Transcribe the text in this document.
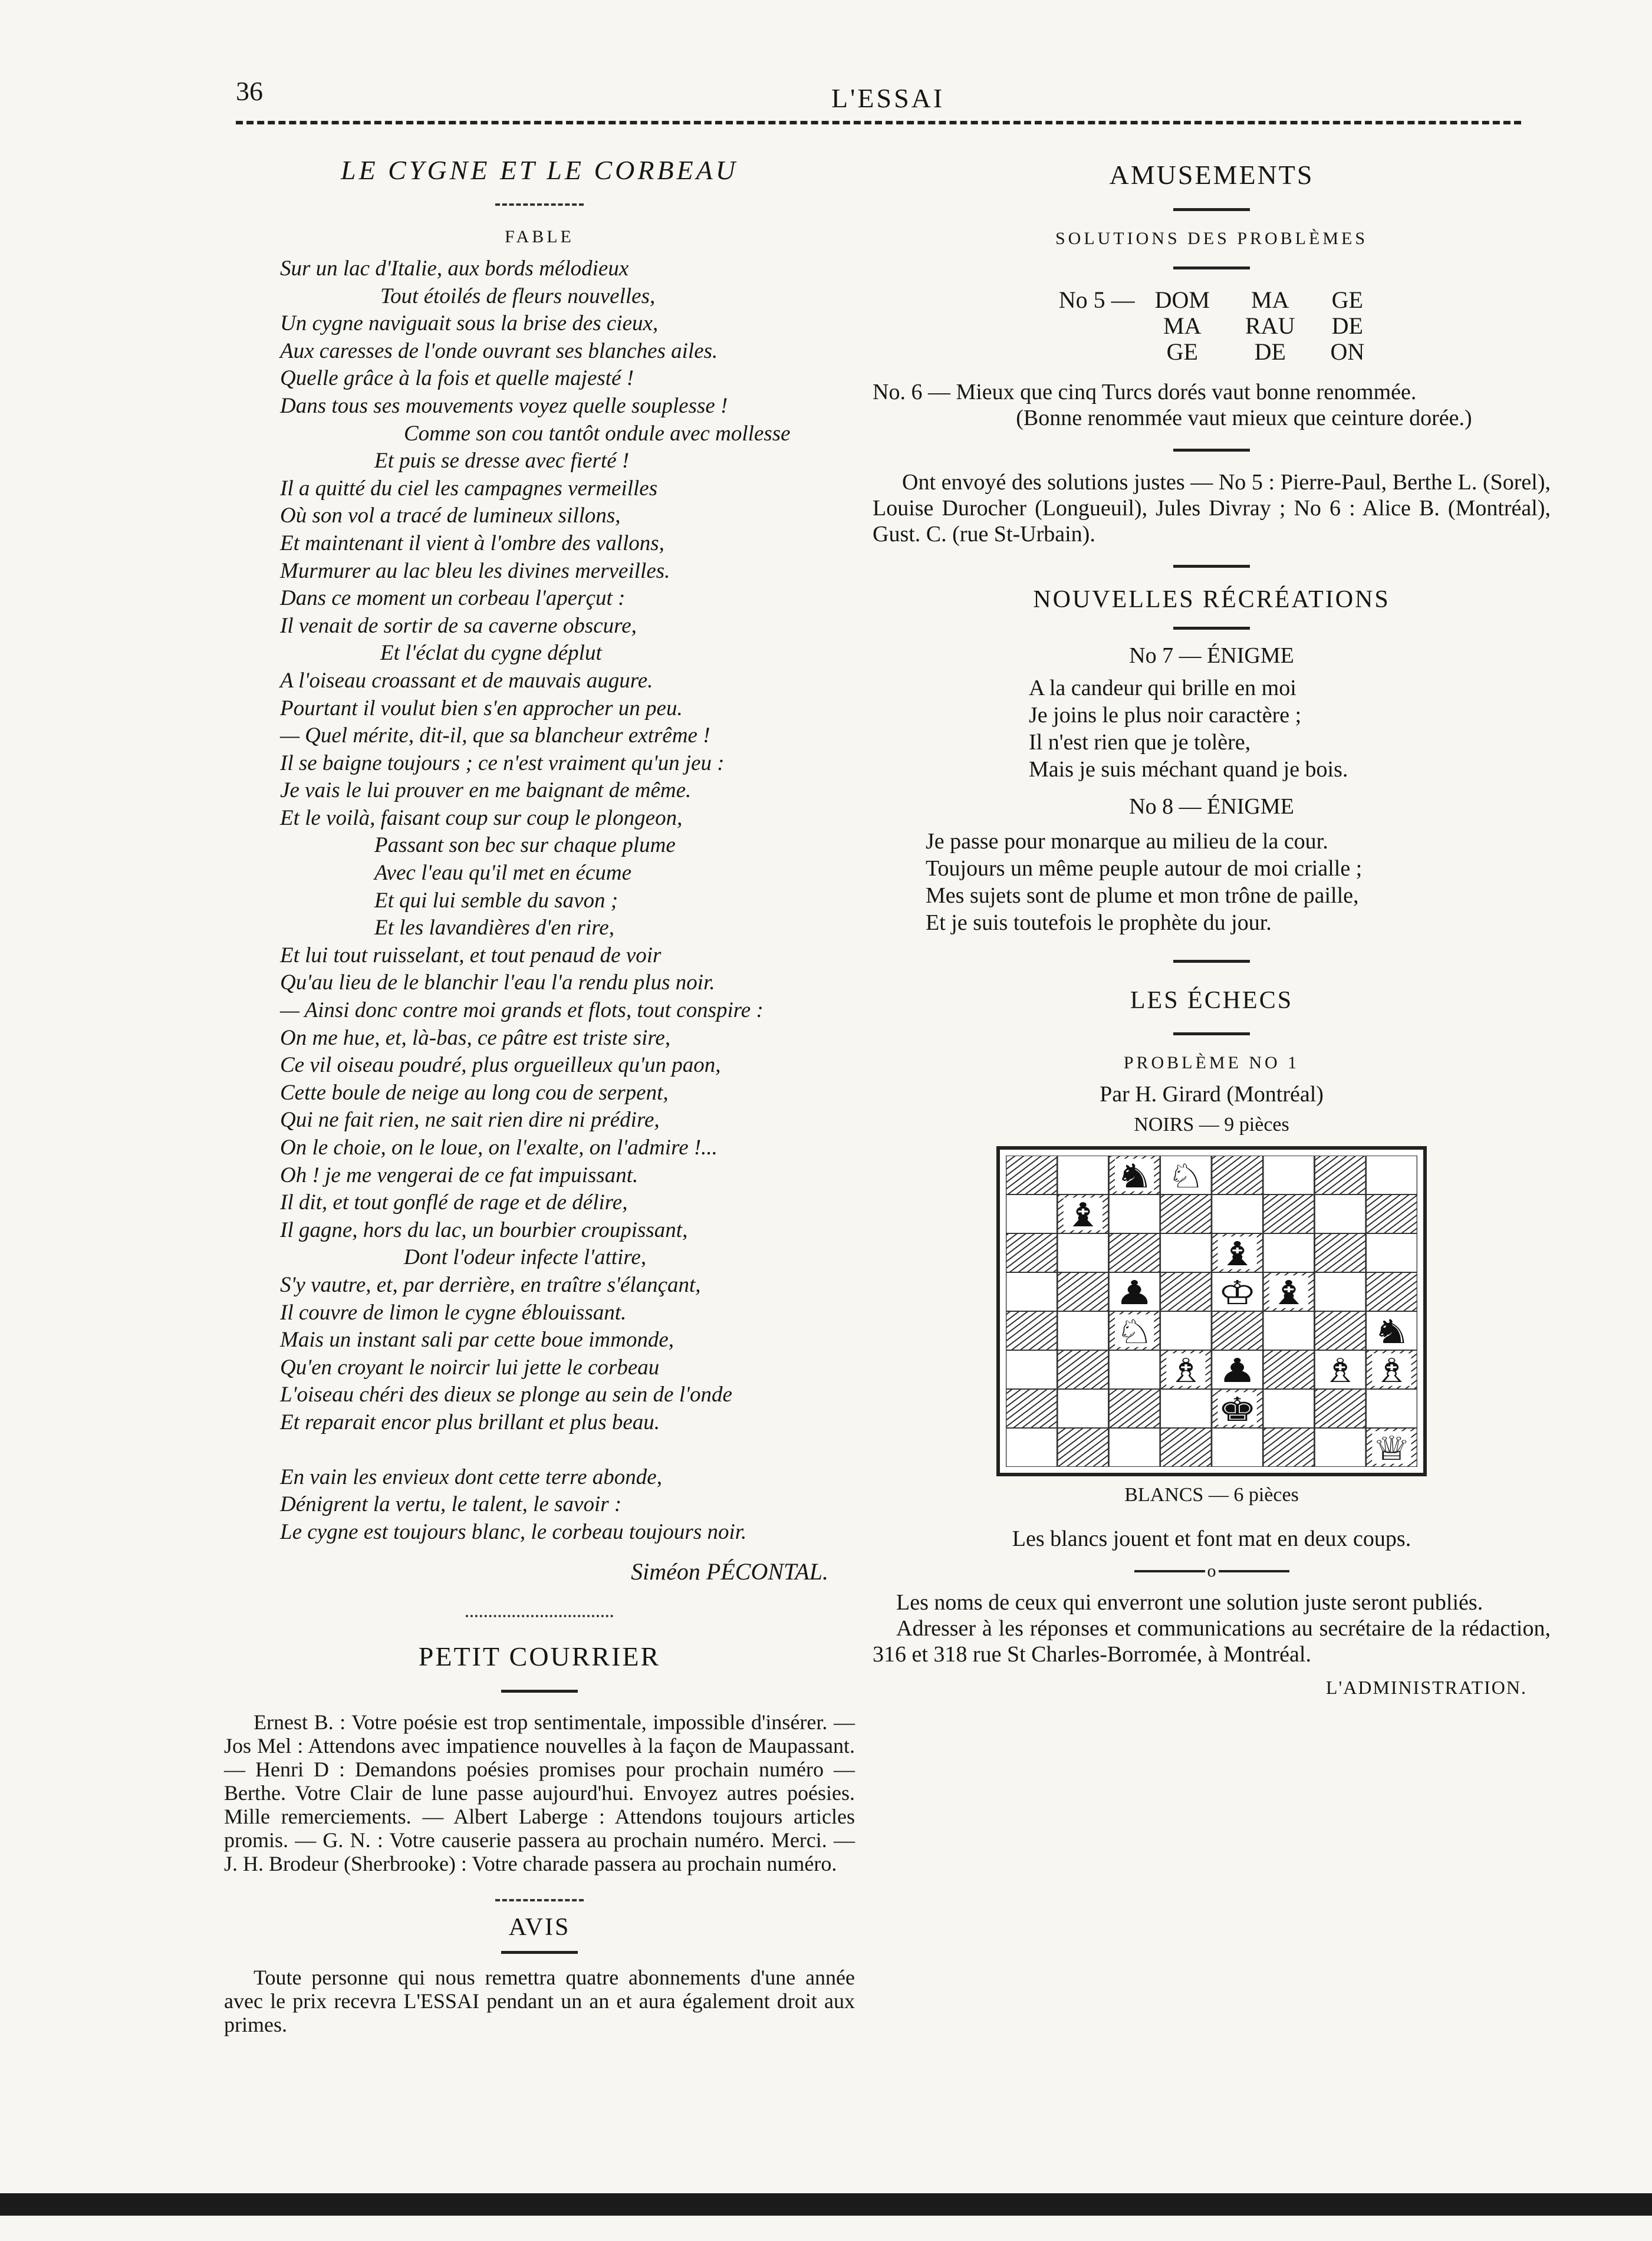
36	L'ESSAI
LE CYGNE ET LE CORBEAU
FABLE
Sur un lac d'Italie, aux bords mélodieux
Tout étoilés de fleurs nouvelles,
Un cygne naviguait sous la brise des cieux,
Aux caresses de l'onde ouvrant ses blanches ailes.
Quelle grâce à la fois et quelle majesté !
Dans tous ses mouvements voyez quelle souplesse !
Comme son cou tantôt ondule avec mollesse
Et puis se dresse avec fierté !
Il a quitté du ciel les campagnes vermeilles
Où son vol a tracé de lumineux sillons,
Et maintenant il vient à l'ombre des vallons,
Murmurer au lac bleu les divines merveilles.
Dans ce moment un corbeau l'aperçut :
Il venait de sortir de sa caverne obscure,
Et l'éclat du cygne déplut
A l'oiseau croassant et de mauvais augure.
Pourtant il voulut bien s'en approcher un peu.
— Quel mérite, dit-il, que sa blancheur extrême !
Il se baigne toujours ; ce n'est vraiment qu'un jeu :
Je vais le lui prouver en me baignant de même.
Et le voilà, faisant coup sur coup le plongeon,
Passant son bec sur chaque plume
Avec l'eau qu'il met en écume
Et qui lui semble du savon ;
Et les lavandières d'en rire,
Et lui tout ruisselant, et tout penaud de voir
Qu'au lieu de le blanchir l'eau l'a rendu plus noir.
— Ainsi donc contre moi grands et flots, tout conspire :
On me hue, et, là-bas, ce pâtre est triste sire,
Ce vil oiseau poudré, plus orgueilleux qu'un paon,
Cette boule de neige au long cou de serpent,
Qui ne fait rien, ne sait rien dire ni prédire,
On le choie, on le loue, on l'exalte, on l'admire !...
Oh ! je me vengerai de ce fat impuissant.
Il dit, et tout gonflé de rage et de délire,
Il gagne, hors du lac, un bourbier croupissant,
Dont l'odeur infecte l'attire,
S'y vautre, et, par derrière, en traître s'élançant,
Il couvre de limon le cygne éblouissant.
Mais un instant sali par cette boue immonde,
Qu'en croyant le noircir lui jette le corbeau
L'oiseau chéri des dieux se plonge au sein de l'onde
Et reparait encor plus brillant et plus beau.
En vain les envieux dont cette terre abonde,
Dénigrent la vertu, le talent, le savoir :
Le cygne est toujours blanc, le corbeau toujours noir.
Siméon PÉCONTAL.
PETIT COURRIER

Ernest B. : Votre poésie est trop sentimentale, impossible d'insérer. — Jos Mel : Attendons avec impatience nouvelles à la façon de Maupassant. — Henri D : Demandons poésies promises pour prochain numéro — Berthe. Votre Clair de lune passe aujourd'hui. Envoyez autres poésies. Mille remerciements. — Albert Laberge : Attendons toujours articles promis. — G. N. : Votre causerie passera au prochain numéro. Merci. — J. H. Brodeur (Sherbrooke) : Votre charade passera au prochain numéro.

AVIS

Toute personne qui nous remettra quatre abonnements d'une année avec le prix recevra L'ESSAI pendant un an et aura également droit aux primes.

AMUSEMENTS
SOLUTIONS DES PROBLÈMES
No 5 —	DOM	MA	GE
	MA	RAU	DE
	GE	DE	ON
No. 6 — Mieux que cinq Turcs dorés vaut bonne renommée.
(Bonne renommée vaut mieux que ceinture dorée.)

Ont envoyé des solutions justes — No 5 : Pierre-Paul, Berthe L. (Sorel), Louise Durocher (Longueuil), Jules Divray ; No 6 : Alice B. (Montréal), Gust. C. (rue St-Urbain).

NOUVELLES RÉCRÉATIONS
No 7 — ÉNIGME
A la candeur qui brille en moi
Je joins le plus noir caractère ;
Il n'est rien que je tolère,
Mais je suis méchant quand je bois.
No 8 — ÉNIGME
Je passe pour monarque au milieu de la cour.
Toujours un même peuple autour de moi crialle ;
Mes sujets sont de plume et mon trône de paille,
Et je suis toutefois le prophète du jour.
LES ÉCHECS
PROBLÈME NO 1
Par H. Girard (Montréal)
NOIRS — 9 pièces
BLANCS — 6 pièces
Les blancs jouent et font mat en deux coups.
o

Les noms de ceux qui enverront une solution juste seront publiés.

Adresser à les réponses et communications au secrétaire de la rédaction, 316 et 318 rue St Charles-Borromée, à Montréal.

L'ADMINISTRATION.
